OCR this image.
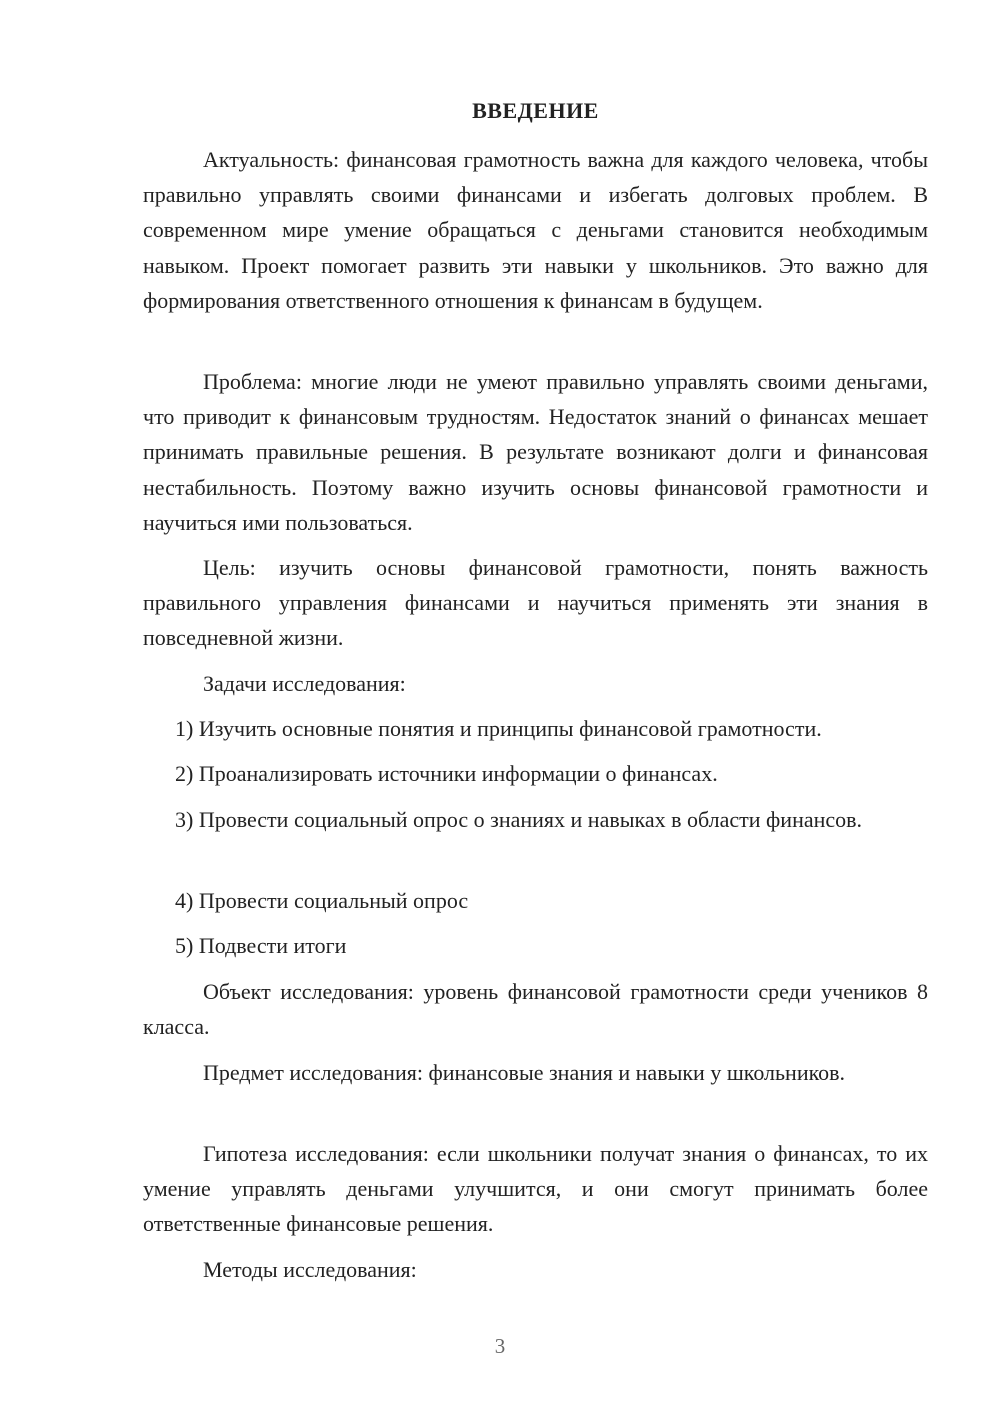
ВВЕДЕНИЕ

Актуальность: финансовая грамотность важна для каждого человека, чтобы правильно управлять своими финансами и избегать долговых проблем. В современном мире умение обращаться с деньгами становится необходимым навыком. Проект помогает развить эти навыки у школьников. Это важно для формирования ответственного отношения к финансам в будущем.

Проблема: многие люди не умеют правильно управлять своими деньгами, что приводит к финансовым трудностям. Недостаток знаний о финансах мешает принимать правильные решения. В результате возникают долги и финансовая нестабильность. Поэтому важно изучить основы финансовой грамотности и научиться ими пользоваться.

Цель: изучить основы финансовой грамотности, понять важность правильного управления финансами и научиться применять эти знания в повседневной жизни.

Задачи исследования:

1) Изучить основные понятия и принципы финансовой грамотности.

2) Проанализировать источники информации о финансах.

3) Провести социальный опрос о знаниях и навыках в области финансов.

4) Провести социальный опрос

5) Подвести итоги

Объект исследования: уровень финансовой грамотности среди учеников 8 класса.

Предмет исследования: финансовые знания и навыки у школьников.

Гипотеза исследования: если школьники получат знания о финансах, то их умение управлять деньгами улучшится, и они смогут принимать более ответственные финансовые решения.

Методы исследования:

3
